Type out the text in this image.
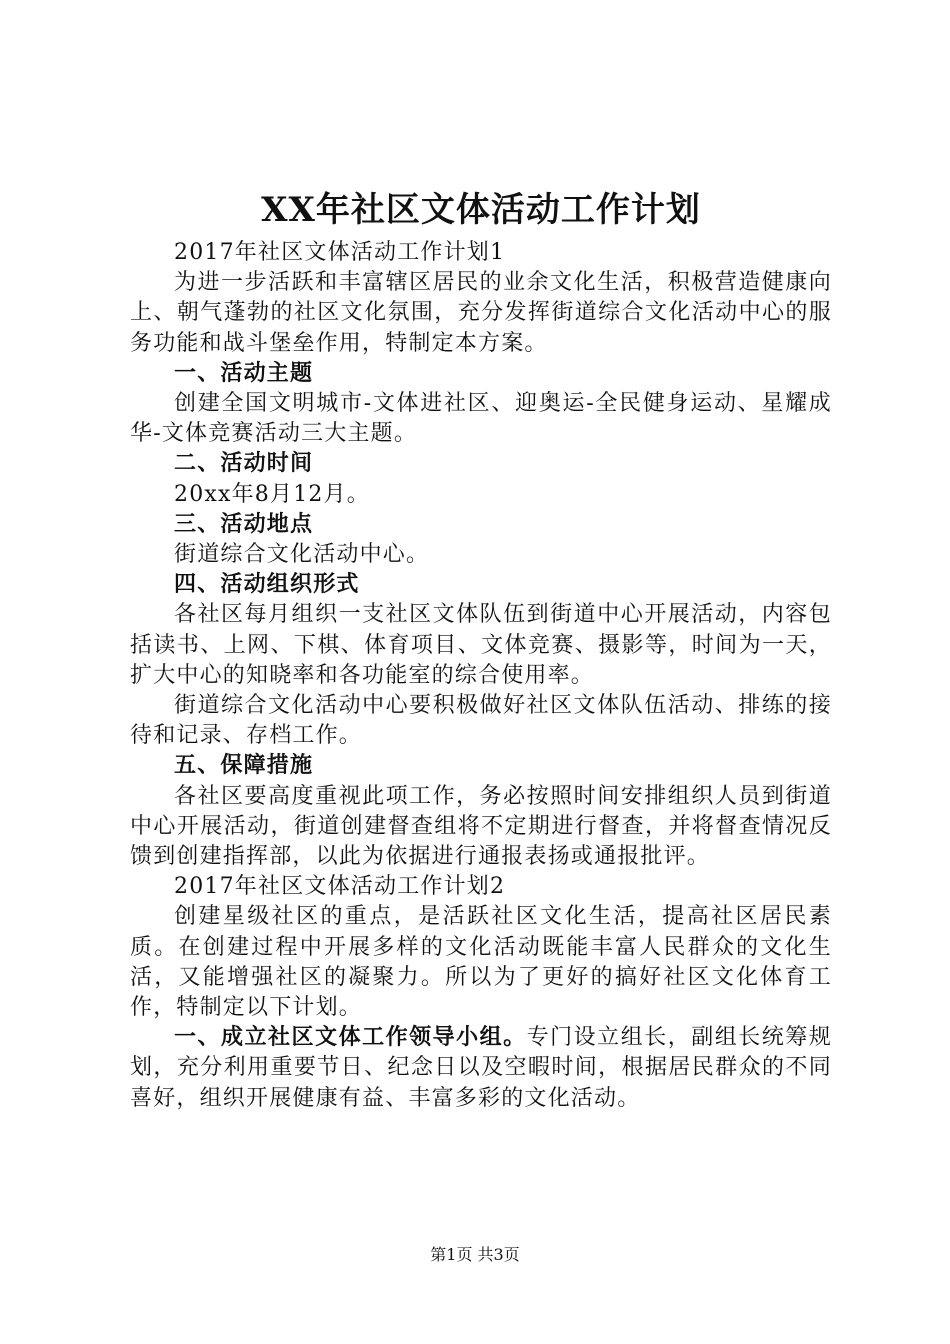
XX年社区文体活动工作计划

2017年社区文体活动工作计划1

为进一步活跃和丰富辖区居民的业余文化生活，积极营造健康向上、朝气蓬勃的社区文化氛围，充分发挥街道综合文化活动中心的服务功能和战斗堡垒作用，特制定本方案。

一、活动主题

创建全国文明城市-文体进社区、迎奥运-全民健身运动、星耀成华-文体竞赛活动三大主题。

二、活动时间

20xx年8月12月。

三、活动地点

街道综合文化活动中心。

四、活动组织形式

各社区每月组织一支社区文体队伍到街道中心开展活动，内容包括读书、上网、下棋、体育项目、文体竞赛、摄影等，时间为一天，扩大中心的知晓率和各功能室的综合使用率。

街道综合文化活动中心要积极做好社区文体队伍活动、排练的接待和记录、存档工作。

五、保障措施

各社区要高度重视此项工作，务必按照时间安排组织人员到街道中心开展活动，街道创建督查组将不定期进行督查，并将督查情况反馈到创建指挥部，以此为依据进行通报表扬或通报批评。

2017年社区文体活动工作计划2

创建星级社区的重点，是活跃社区文化生活，提高社区居民素质。在创建过程中开展多样的文化活动既能丰富人民群众的文化生活，又能增强社区的凝聚力。所以为了更好的搞好社区文化体育工作，特制定以下计划。

一、成立社区文体工作领导小组。专门设立组长，副组长统筹规划，充分利用重要节日、纪念日以及空暇时间，根据居民群众的不同喜好，组织开展健康有益、丰富多彩的文化活动。

第1页 共3页
